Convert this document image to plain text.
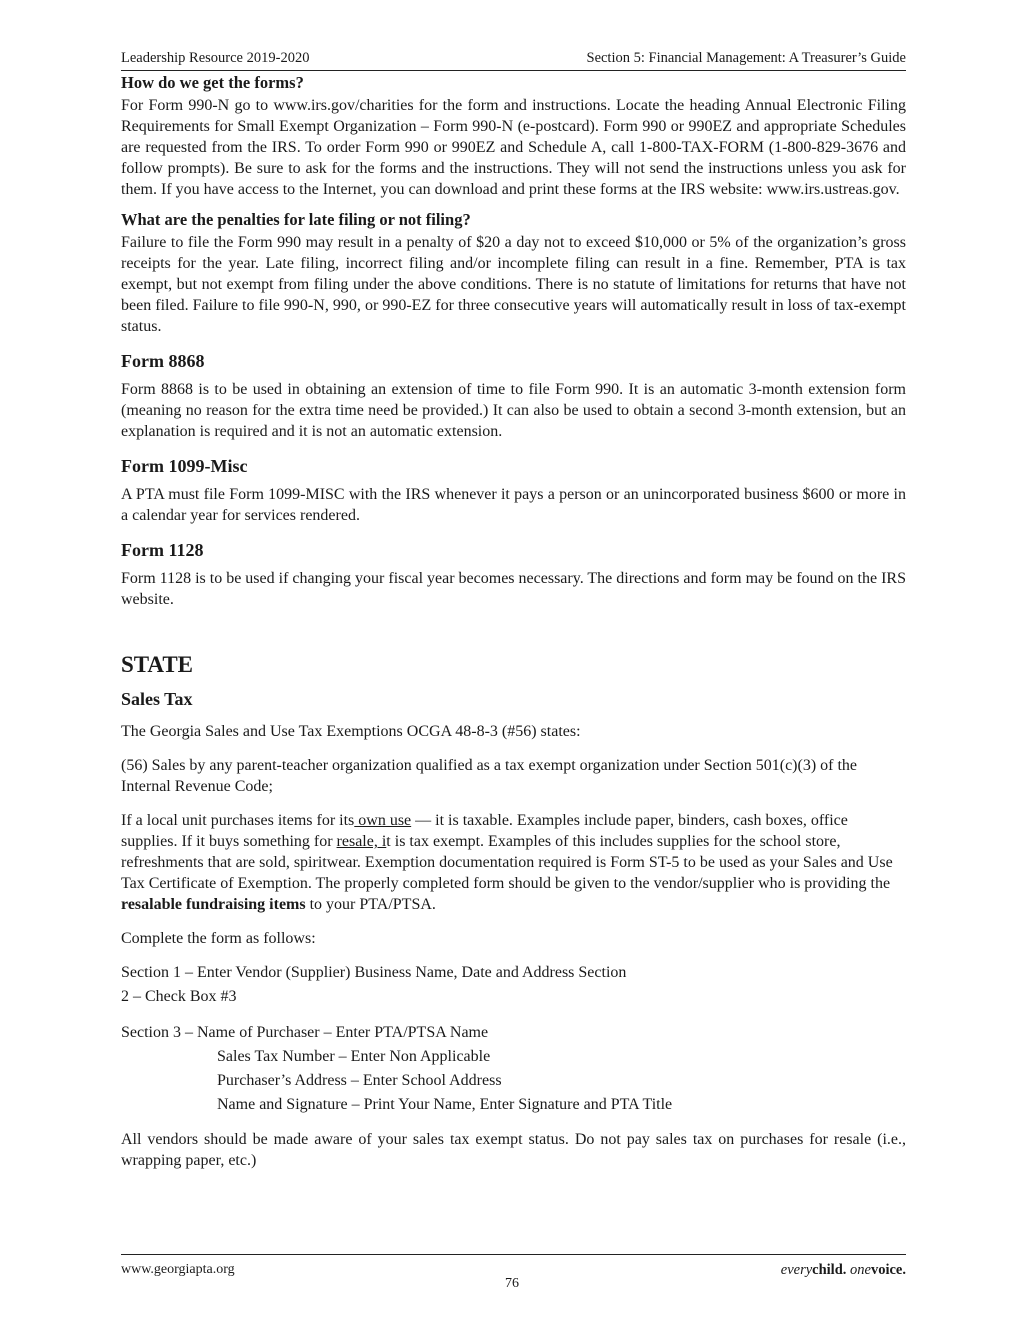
Leadership Resource 2019-2020	Section 5: Financial Management: A Treasurer’s Guide
How do we get the forms?

For Form 990-N go to www.irs.gov/charities for the form and instructions. Locate the heading Annual Electronic Filing Requirements for Small Exempt Organization – Form 990-N (e-postcard). Form 990 or 990EZ and appropriate Schedules are requested from the IRS. To order Form 990 or 990EZ and Schedule A, call 1-800-TAX-FORM (1-800-829-3676 and follow prompts). Be sure to ask for the forms and the instructions. They will not send the instructions unless you ask for them. If you have access to the Internet, you can download and print these forms at the IRS website: www.irs.ustreas.gov.

What are the penalties for late filing or not filing?

Failure to file the Form 990 may result in a penalty of $20 a day not to exceed $10,000 or 5% of the organization’s gross receipts for the year. Late filing, incorrect filing and/or incomplete filing can result in a fine. Remember, PTA is tax exempt, but not exempt from filing under the above conditions. There is no statute of limitations for returns that have not been filed. Failure to file 990-N, 990, or 990-EZ for three consecutive years will automatically result in loss of tax-exempt status.

Form 8868

Form 8868 is to be used in obtaining an extension of time to file Form 990. It is an automatic 3-month extension form (meaning no reason for the extra time need be provided.) It can also be used to obtain a second 3-month extension, but an explanation is required and it is not an automatic extension.

Form 1099-Misc

A PTA must file Form 1099-MISC with the IRS whenever it pays a person or an unincorporated business $600 or more in a calendar year for services rendered.

Form 1128

Form 1128 is to be used if changing your fiscal year becomes necessary. The directions and form may be found on the IRS website.

STATE
Sales Tax

The Georgia Sales and Use Tax Exemptions OCGA 48-8-3 (#56) states:

(56) Sales by any parent-teacher organization qualified as a tax exempt organization under Section 501(c)(3) of the Internal Revenue Code;

If a local unit purchases items for its own use — it is taxable. Examples include paper, binders, cash boxes, office supplies. If it buys something for resale, it is tax exempt. Examples of this includes supplies for the school store, refreshments that are sold, spiritwear. Exemption documentation required is Form ST-5 to be used as your Sales and Use Tax Certificate of Exemption. The properly completed form should be given to the vendor/supplier who is providing the resalable fundraising items to your PTA/PTSA.

Complete the form as follows:

Section 1 – Enter Vendor (Supplier) Business Name, Date and Address Section

2 – Check Box #3

Section 3 – Name of Purchaser – Enter PTA/PTSA Name

Sales Tax Number – Enter Non Applicable

Purchaser’s Address – Enter School Address

Name and Signature – Print Your Name, Enter Signature and PTA Title

All vendors should be made aware of your sales tax exempt status. Do not pay sales tax on purchases for resale (i.e., wrapping paper, etc.)

www.georgiapta.org
76
everychild. onevoice.
